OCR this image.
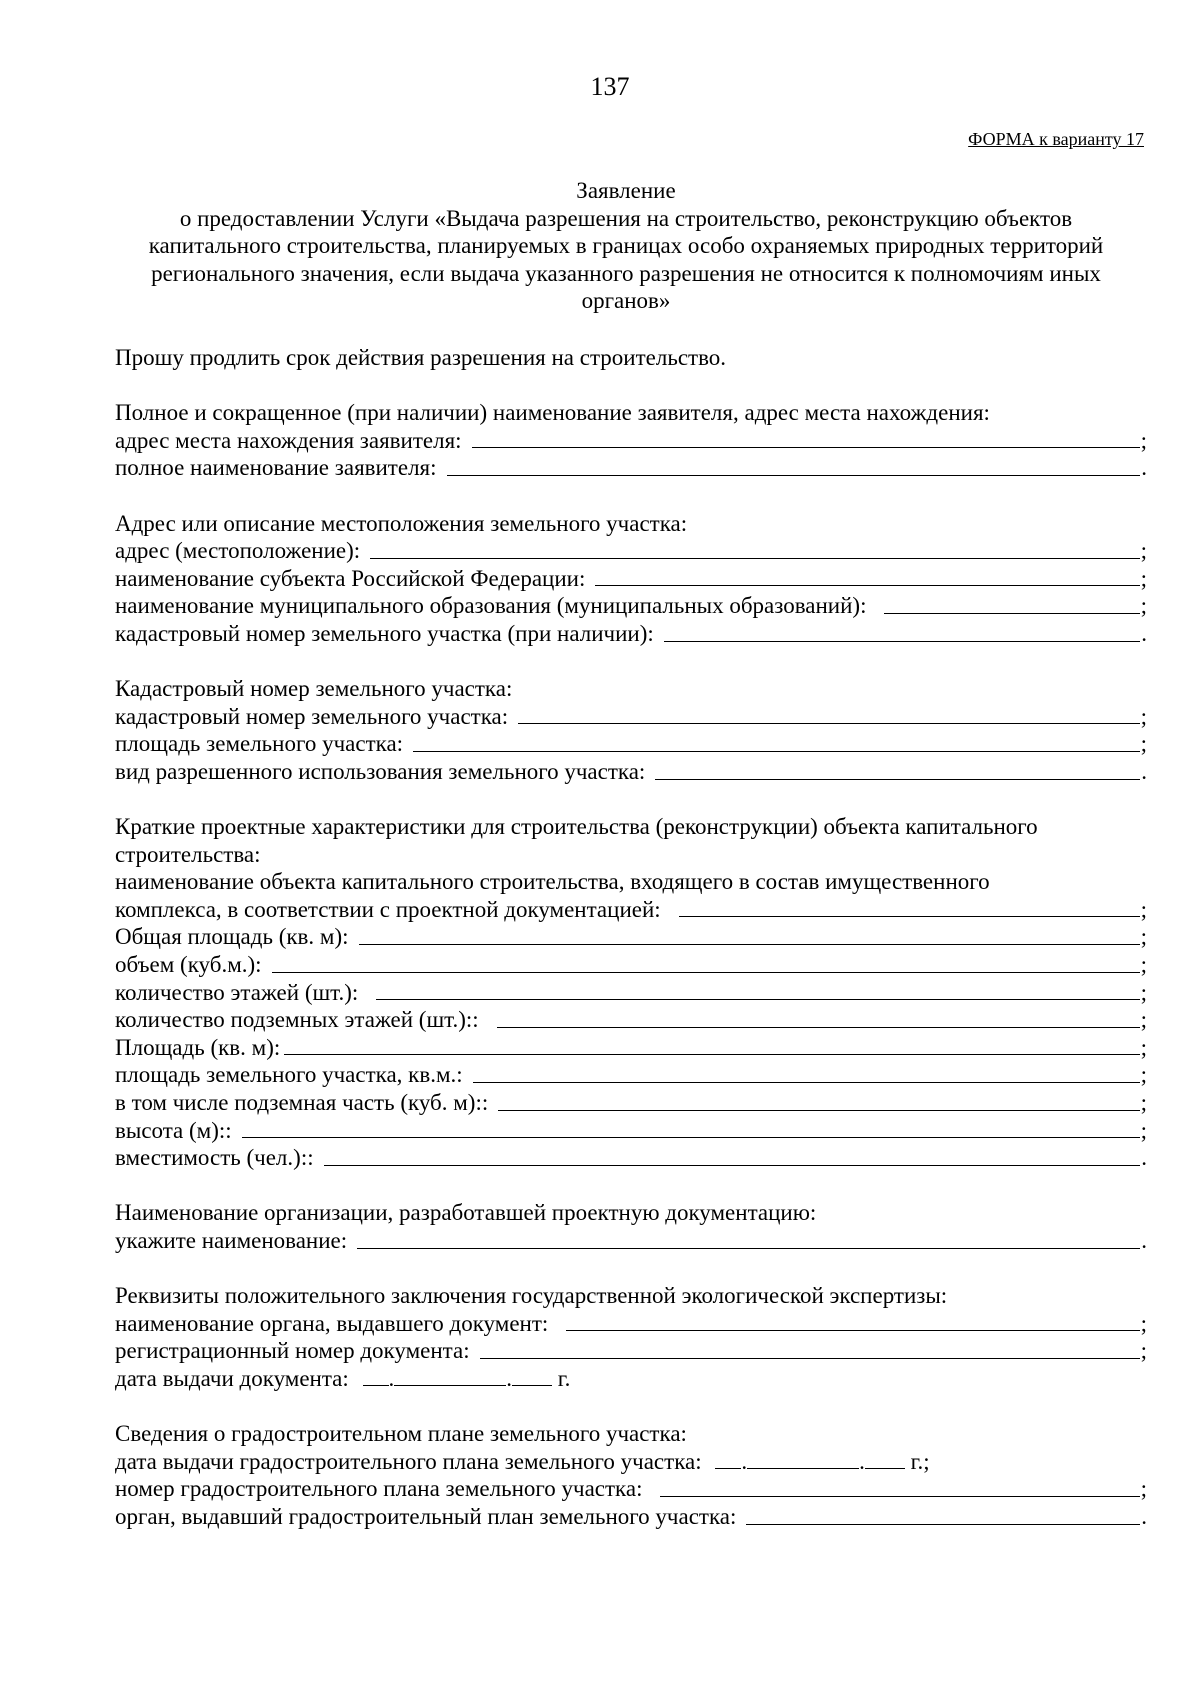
137
ФОРМА к варианту 17
Заявление
о предоставлении Услуги «Выдача разрешения на строительство, реконструкцию объектов
капитального строительства, планируемых в границах особо охраняемых природных территорий
регионального значения, если выдача указанного разрешения не относится к полномочиям иных
органов»
Прошу продлить срок действия разрешения на строительство.
Полное и сокращенное (при наличии) наименование заявителя, адрес места нахождения:
адрес места нахождения заявителя:	;
полное наименование заявителя:	.
Адрес или описание местоположения земельного участка:
адрес (местоположение):	;
наименование субъекта Российской Федерации:	;
наименование муниципального образования (муниципальных образований):	;
кадастровый номер земельного участка (при наличии):	.
Кадастровый номер земельного участка:
кадастровый номер земельного участка:	;
площадь земельного участка:	;
вид разрешенного использования земельного участка:	.
Краткие проектные характеристики для строительства (реконструкции) объекта капитального
строительства:
наименование объекта капитального строительства, входящего в состав имущественного
комплекса, в соответствии с проектной документацией:	;
Общая площадь (кв. м):	;
объем (куб.м.):	;
количество этажей (шт.):	;
количество подземных этажей (шт.)::	;
Площадь (кв. м):	;
площадь земельного участка, кв.м.:	;
в том числе подземная часть (куб. м)::	;
высота (м)::	;
вместимость (чел.)::	.
Наименование организации, разработавшей проектную документацию:
укажите наименование:	.
Реквизиты положительного заключения государственной экологической экспертизы:
наименование органа, выдавшего документ:	;
регистрационный номер документа:	;
дата выдачи документа: .	. г.
Сведения о градостроительном плане земельного участка:
дата выдачи градостроительного плана земельного участка: .	. г.;
номер градостроительного плана земельного участка:	;
орган, выдавший градостроительный план земельного участка:	.
